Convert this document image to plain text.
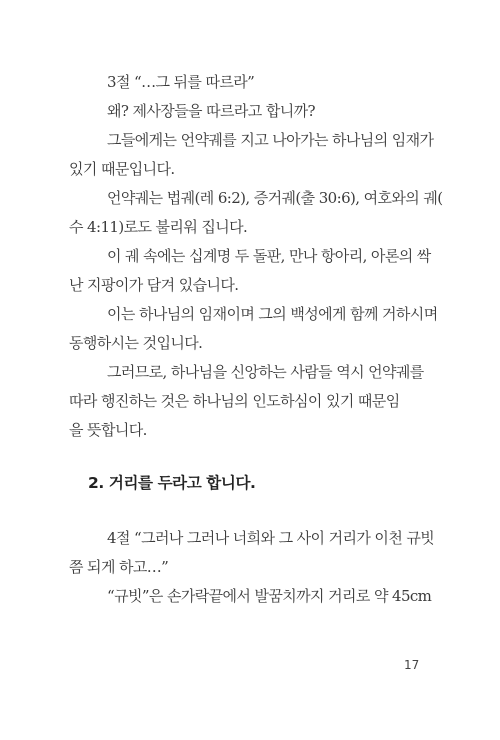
3절 “…그 뒤를 따르라”

왜? 제사장들을 따르라고 합니까?

그들에게는 언약궤를 지고 나아가는 하나님의 임재가
있기 때문입니다.

언약궤는 법궤(레 6:2), 증거궤(출 30:6), 여호와의 궤(
수 4:11)로도 불리워 집니다.

이 궤 속에는 십계명 두 돌판, 만나 항아리, 아론의 싹
난 지팡이가 담겨 있습니다.

이는 하나님의 임재이며 그의 백성에게 함께 거하시며
동행하시는 것입니다.

그러므로, 하나님을 신앙하는 사람들 역시 언약궤를
따라 행진하는 것은 하나님의 인도하심이 있기 때문임
을 뜻합니다.

2. 거리를 두라고 합니다.

4절 “그러나 그러나 너희와 그 사이 거리가 이천 규빗
쯤 되게 하고…”

“규빗”은 손가락끝에서 발꿈치까지 거리로 약 45cm

17
